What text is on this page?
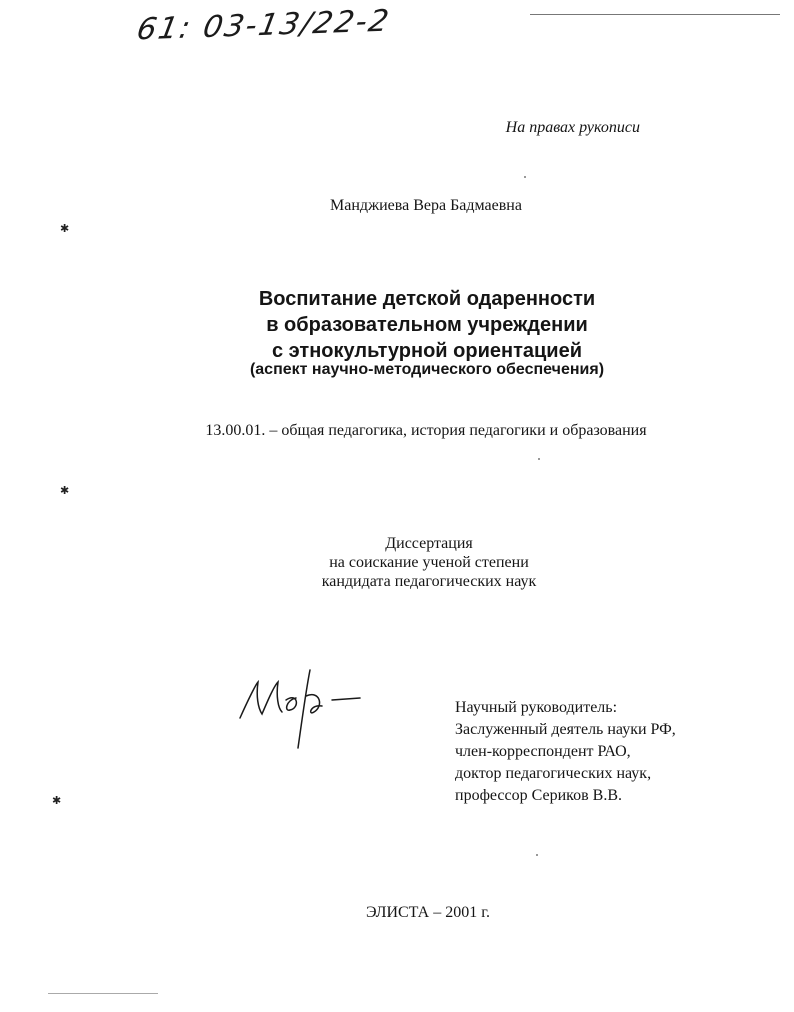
61: 03-13/22-2
На правах рукописи
Манджиева Вера Бадмаевна
Воспитание детской одаренности
в образовательном учреждении
с этнокультурной ориентацией
(аспект научно-методического обеспечения)
13.00.01. – общая педагогика, история педагогики и образования
Диссертация
на соискание ученой степени
кандидата педагогических наук
Научный руководитель:
Заслуженный деятель науки РФ,
член-корреспондент РАО,
доктор педагогических наук,
профессор Сериков В.В.
ЭЛИСТА – 2001 г.
✱
✱
✱
